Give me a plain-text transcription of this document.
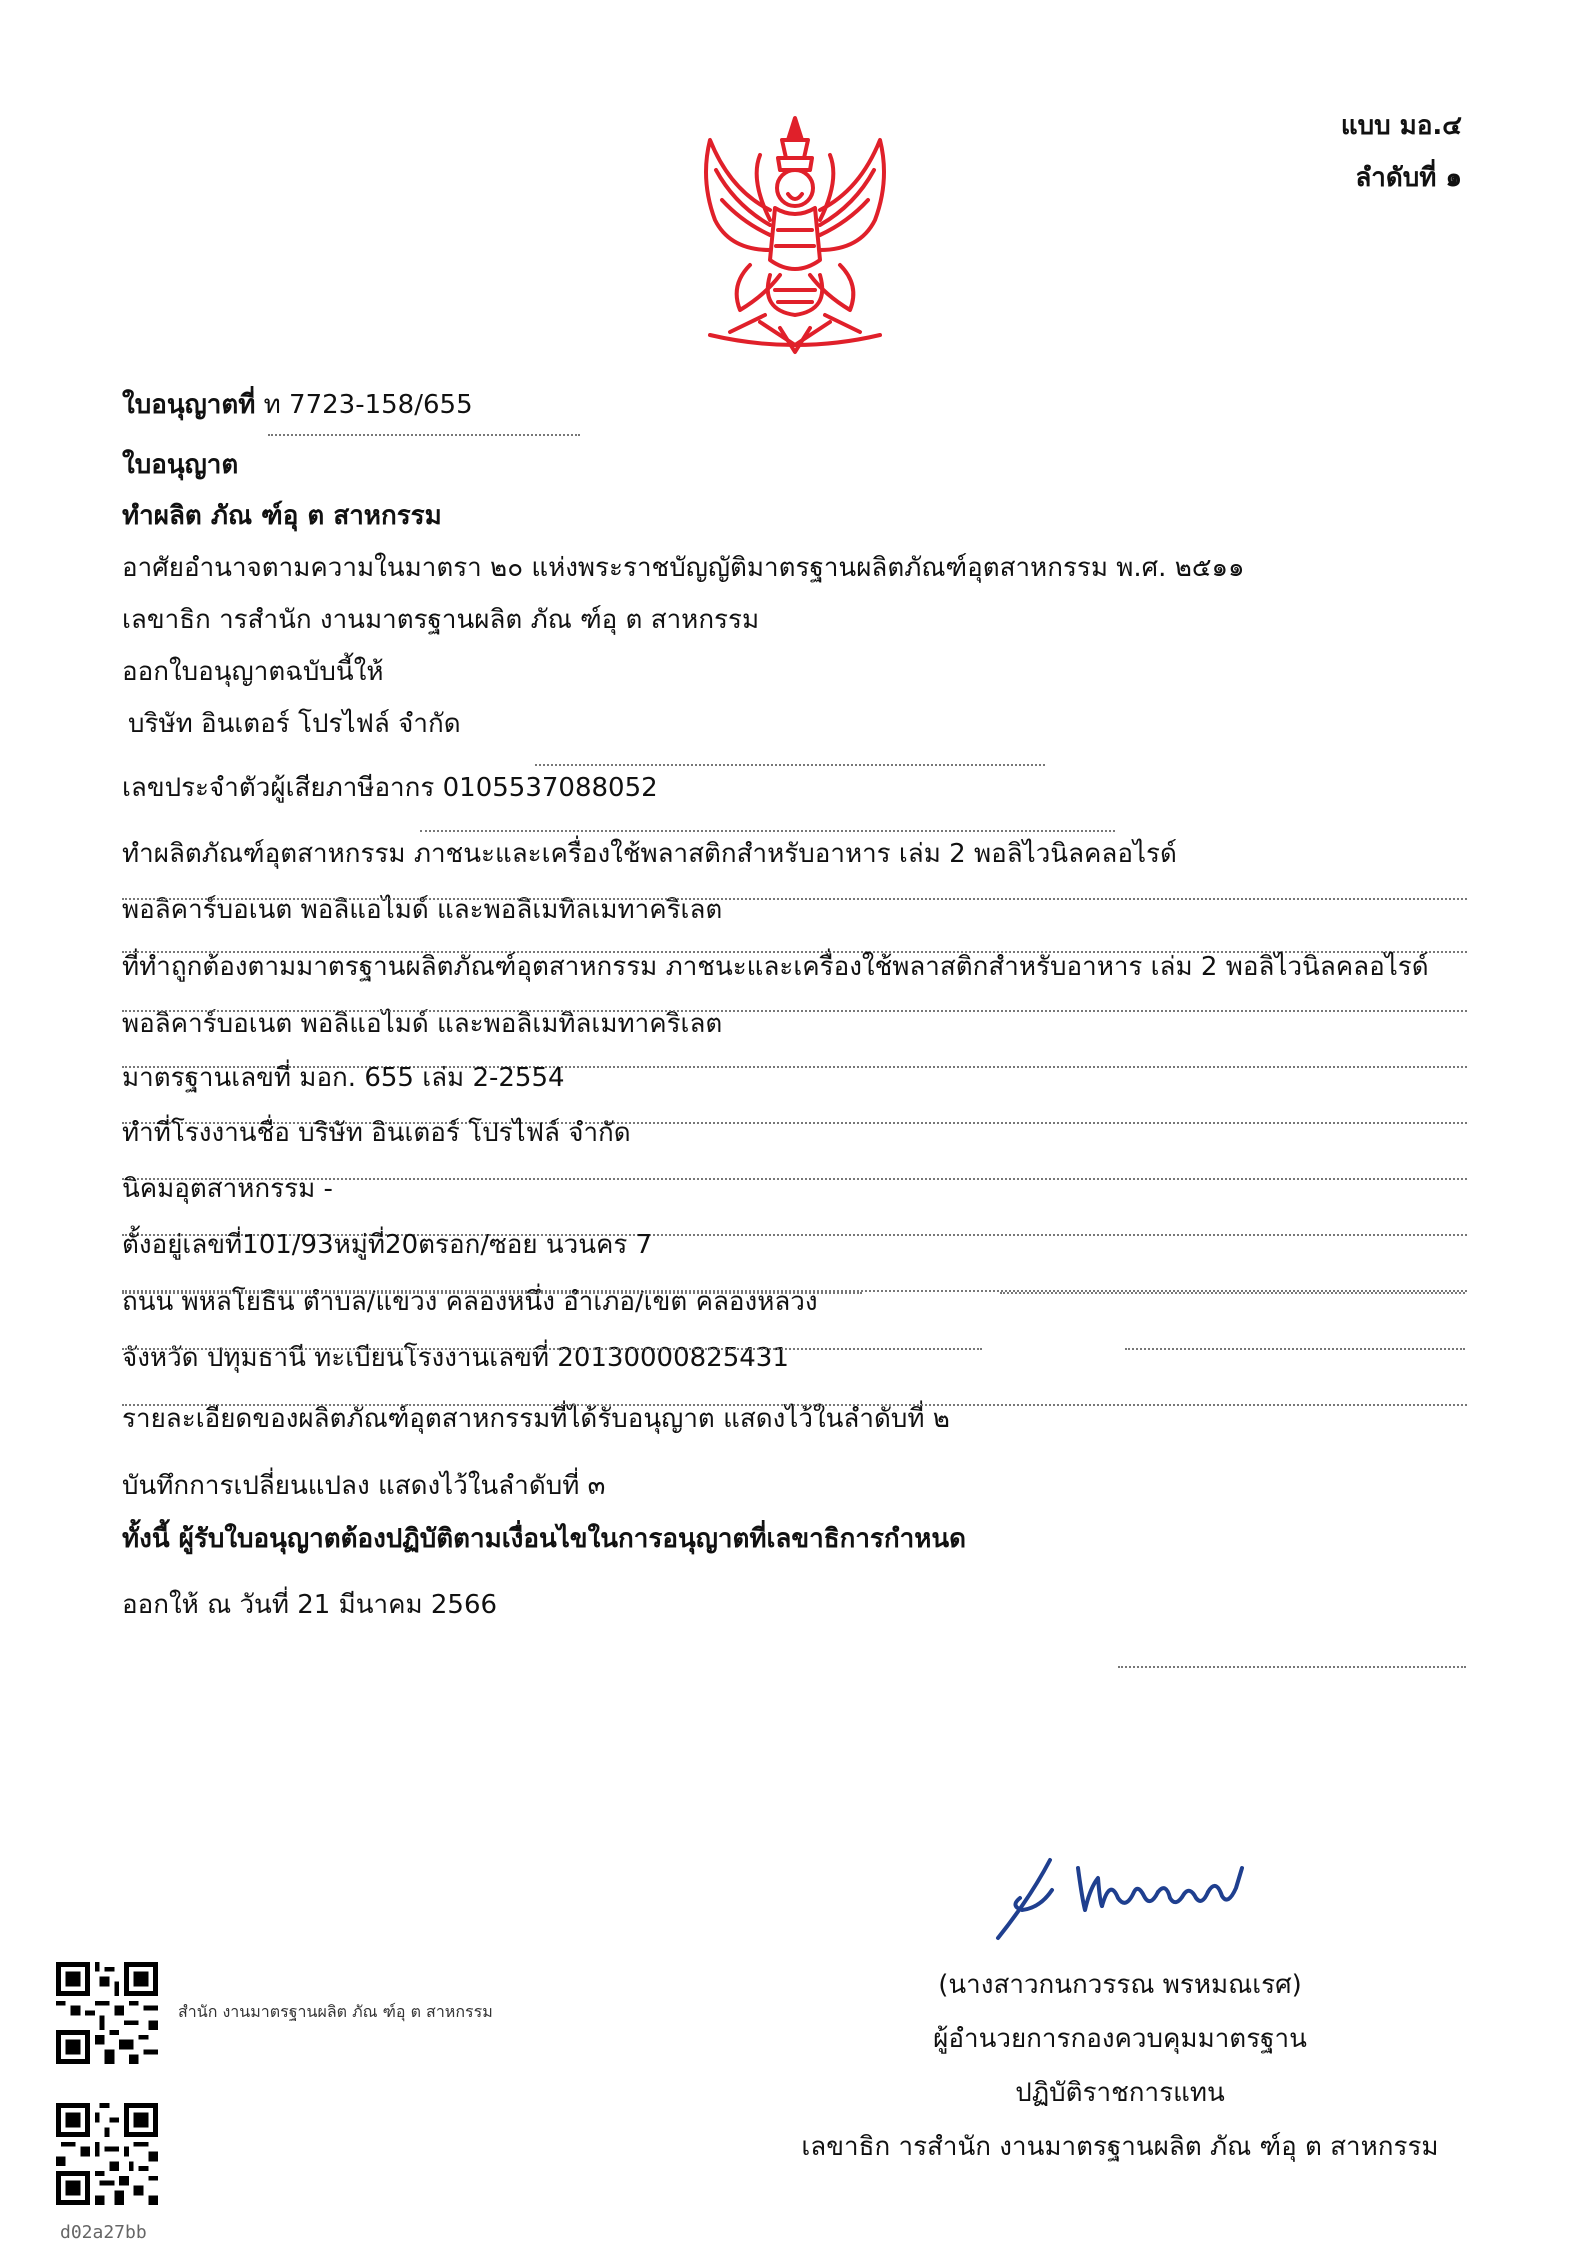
แบบ มอ.๔
ลำดับที่ ๑
ใบอนุญาตที่ ท 7723-158/655
ใบอนุญาต
ทำผลิต ภัณ ฑ์อุ ต สาหกรรม
อาศัยอำนาจตามความในมาตรา ๒๐ แห่งพระราชบัญญัติมาตรฐานผลิตภัณฑ์อุตสาหกรรม พ.ศ. ๒๕๑๑
เลขาธิก ารสำนัก งานมาตรฐานผลิต ภัณ ฑ์อุ ต สาหกรรม
ออกใบอนุญาตฉบับนี้ให้
บริษัท อินเตอร์ โปรไฟล์ จำกัด
เลขประจำตัวผู้เสียภาษีอากร 0105537088052
ทำผลิตภัณฑ์อุตสาหกรรม ภาชนะและเครื่องใช้พลาสติกสำหรับอาหาร เล่ม 2 พอลิไวนิลคลอไรด์
พอลิคาร์บอเนต พอลิแอไมด์ และพอลิเมทิลเมทาคริเลต
ที่ทำถูกต้องตามมาตรฐานผลิตภัณฑ์อุตสาหกรรม ภาชนะและเครื่องใช้พลาสติกสำหรับอาหาร เล่ม 2 พอลิไวนิลคลอไรด์
พอลิคาร์บอเนต พอลิแอไมด์ และพอลิเมทิลเมทาคริเลต
มาตรฐานเลขที่ มอก. 655 เล่ม 2-2554
ทำที่โรงงานชื่อ บริษัท อินเตอร์ โปรไฟล์ จำกัด
นิคมอุตสาหกรรม -
ตั้งอยู่เลขที่101/93หมู่ที่20ตรอก/ซอย นวนคร 7
ถนน พหลโยธิน ตำบล/แขวง คลองหนึ่ง อำเภอ/เขต คลองหลวง
จังหวัด ปทุมธานี ทะเบียนโรงงานเลขที่ 20130000825431
รายละเอียดของผลิตภัณฑ์อุตสาหกรรมที่ได้รับอนุญาต แสดงไว้ในลำดับที่ ๒
บันทึกการเปลี่ยนแปลง แสดงไว้ในลำดับที่ ๓
ทั้งนี้ ผู้รับใบอนุญาตต้องปฏิบัติตามเงื่อนไขในการอนุญาตที่เลขาธิการกำหนด
ออกให้ ณ วันที่ 21 มีนาคม 2566
(นางสาวกนกวรรณ พรหมณเรศ)
ผู้อำนวยการกองควบคุมมาตรฐาน
ปฏิบัติราชการแทน
เลขาธิก ารสำนัก งานมาตรฐานผลิต ภัณ ฑ์อุ ต สาหกรรม
สำนัก งานมาตรฐานผลิต ภัณ ฑ์อุ ต สาหกรรม
d02a27bb
